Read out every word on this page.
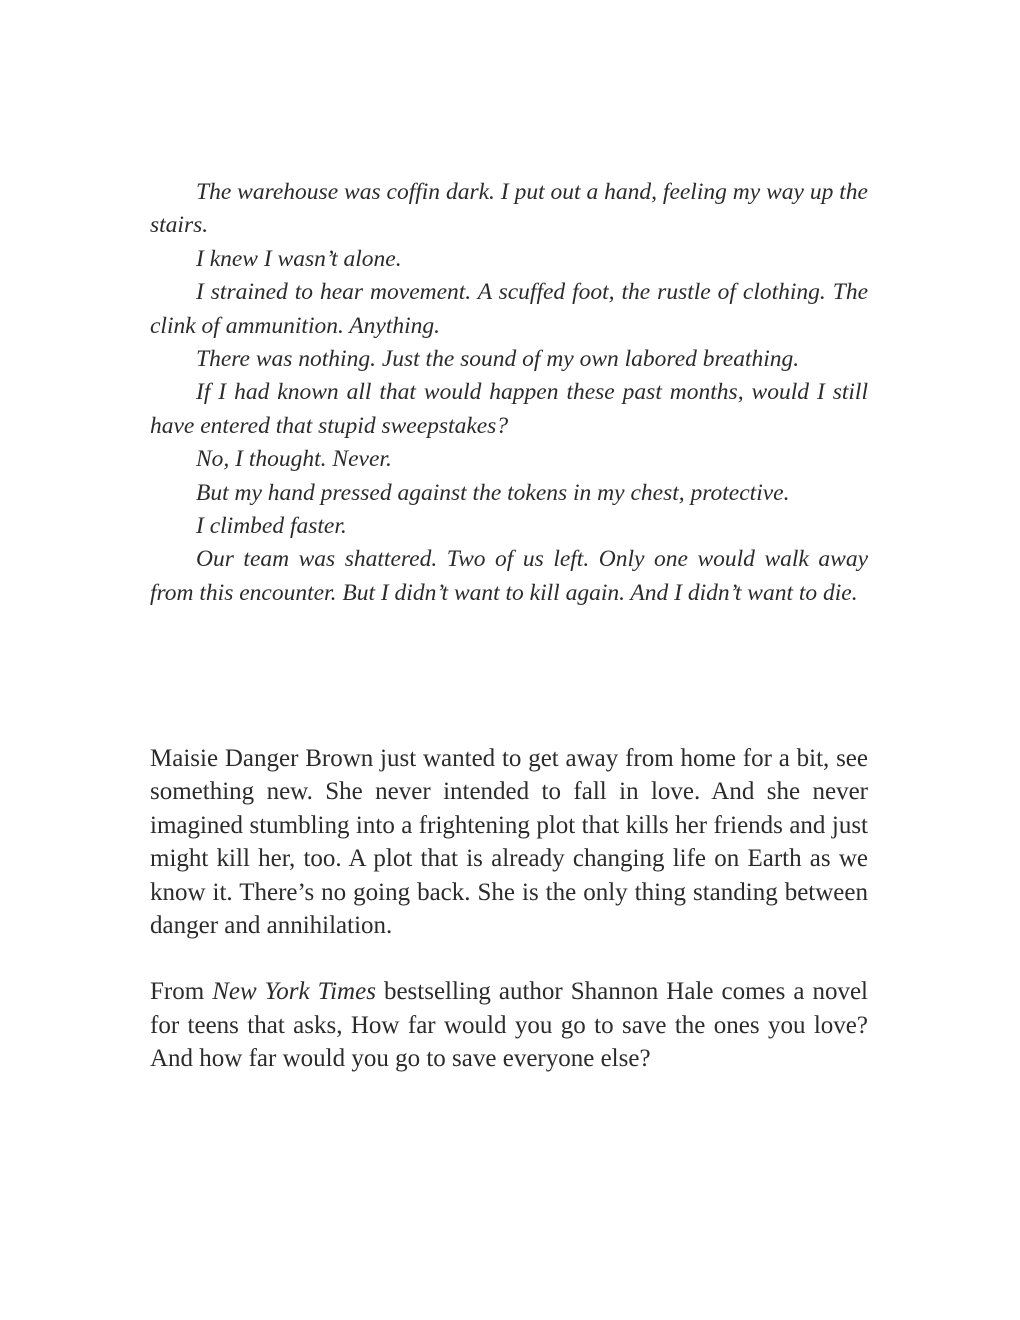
The warehouse was coffin dark. I put out a hand, feeling my way up the stairs.

I knew I wasn’t alone.

I strained to hear movement. A scuffed foot, the rustle of clothing. The clink of ammunition. Anything.

There was nothing. Just the sound of my own labored breathing.

If I had known all that would happen these past months, would I still have entered that stupid sweepstakes?

No, I thought. Never.

But my hand pressed against the tokens in my chest, protective.

I climbed faster.

Our team was shattered. Two of us left. Only one would walk away from this encounter. But I didn’t want to kill again. And I didn’t want to die.

Maisie Danger Brown just wanted to get away from home for a bit, see something new. She never intended to fall in love. And she never imagined stumbling into a frightening plot that kills her friends and just might kill her, too. A plot that is already changing life on Earth as we know it. There’s no going back. She is the only thing standing between danger and annihilation.

From New York Times bestselling author Shannon Hale comes a novel for teens that asks, How far would you go to save the ones you love? And how far would you go to save everyone else?
